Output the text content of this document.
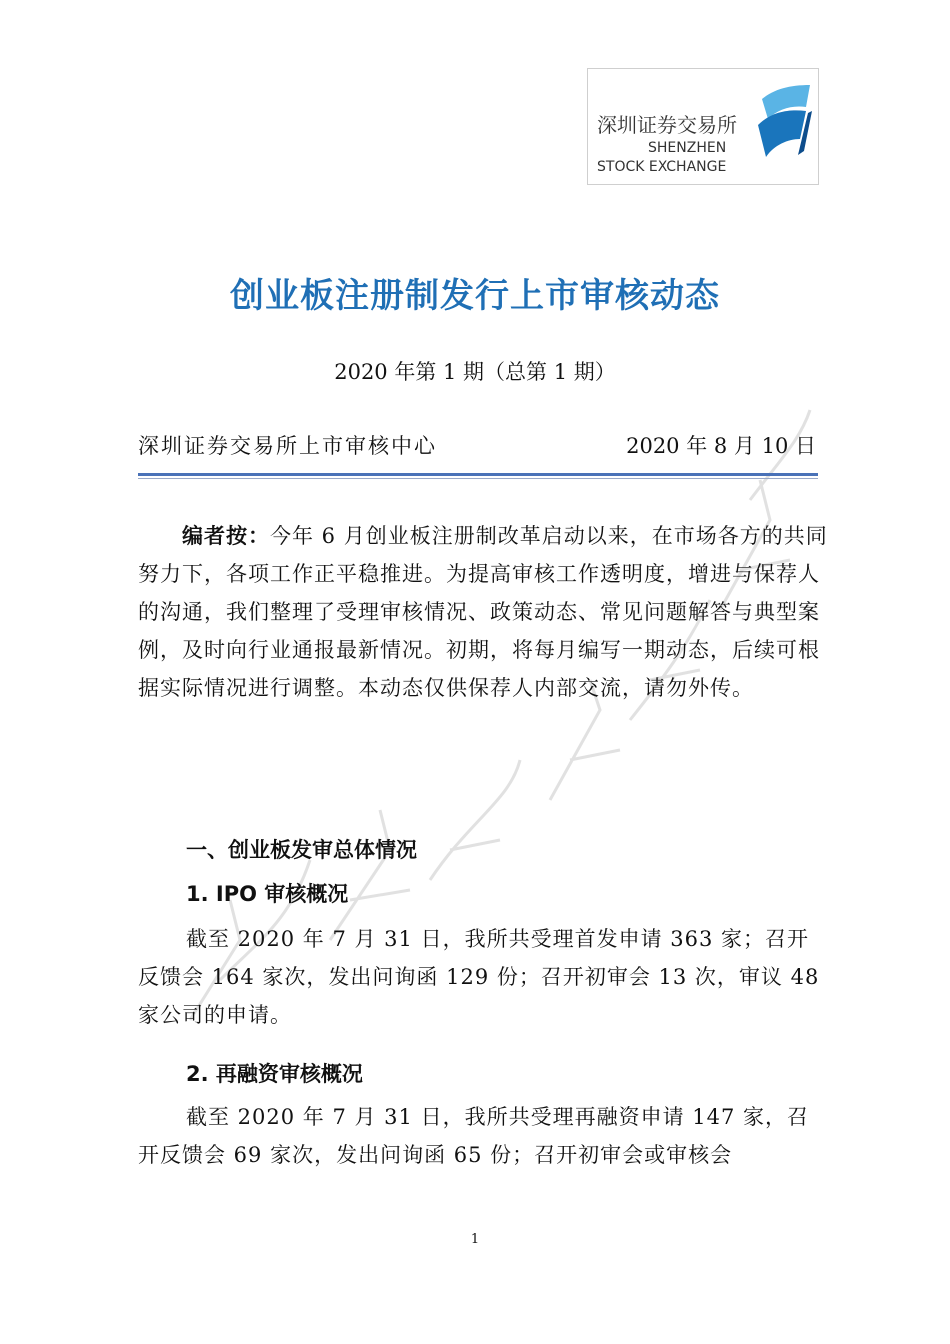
深圳证券交易所
SHENZHEN
STOCK EXCHANGE
创业板注册制发行上市审核动态
2020 年第 1 期（总第 1 期）
深圳证券交易所上市审核中心	2020 年 8 月 10 日
编者按：今年 6 月创业板注册制改革启动以来，在市场各方的共同努力下，各项工作正平稳推进。为提高审核工作透明度，增进与保荐人的沟通，我们整理了受理审核情况、政策动态、常见问题解答与典型案例，及时向行业通报最新情况。初期，将每月编写一期动态，后续可根据实际情况进行调整。本动态仅供保荐人内部交流，请勿外传。
一、创业板发审总体情况
1. IPO 审核概况
截至 2020 年 7 月 31 日，我所共受理首发申请 363 家；召开反馈会 164 家次，发出问询函 129 份；召开初审会 13 次，审议 48 家公司的申请。
2. 再融资审核概况
截至 2020 年 7 月 31 日，我所共受理再融资申请 147 家，召开反馈会 69 家次，发出问询函 65 份；召开初审会或审核会
1
